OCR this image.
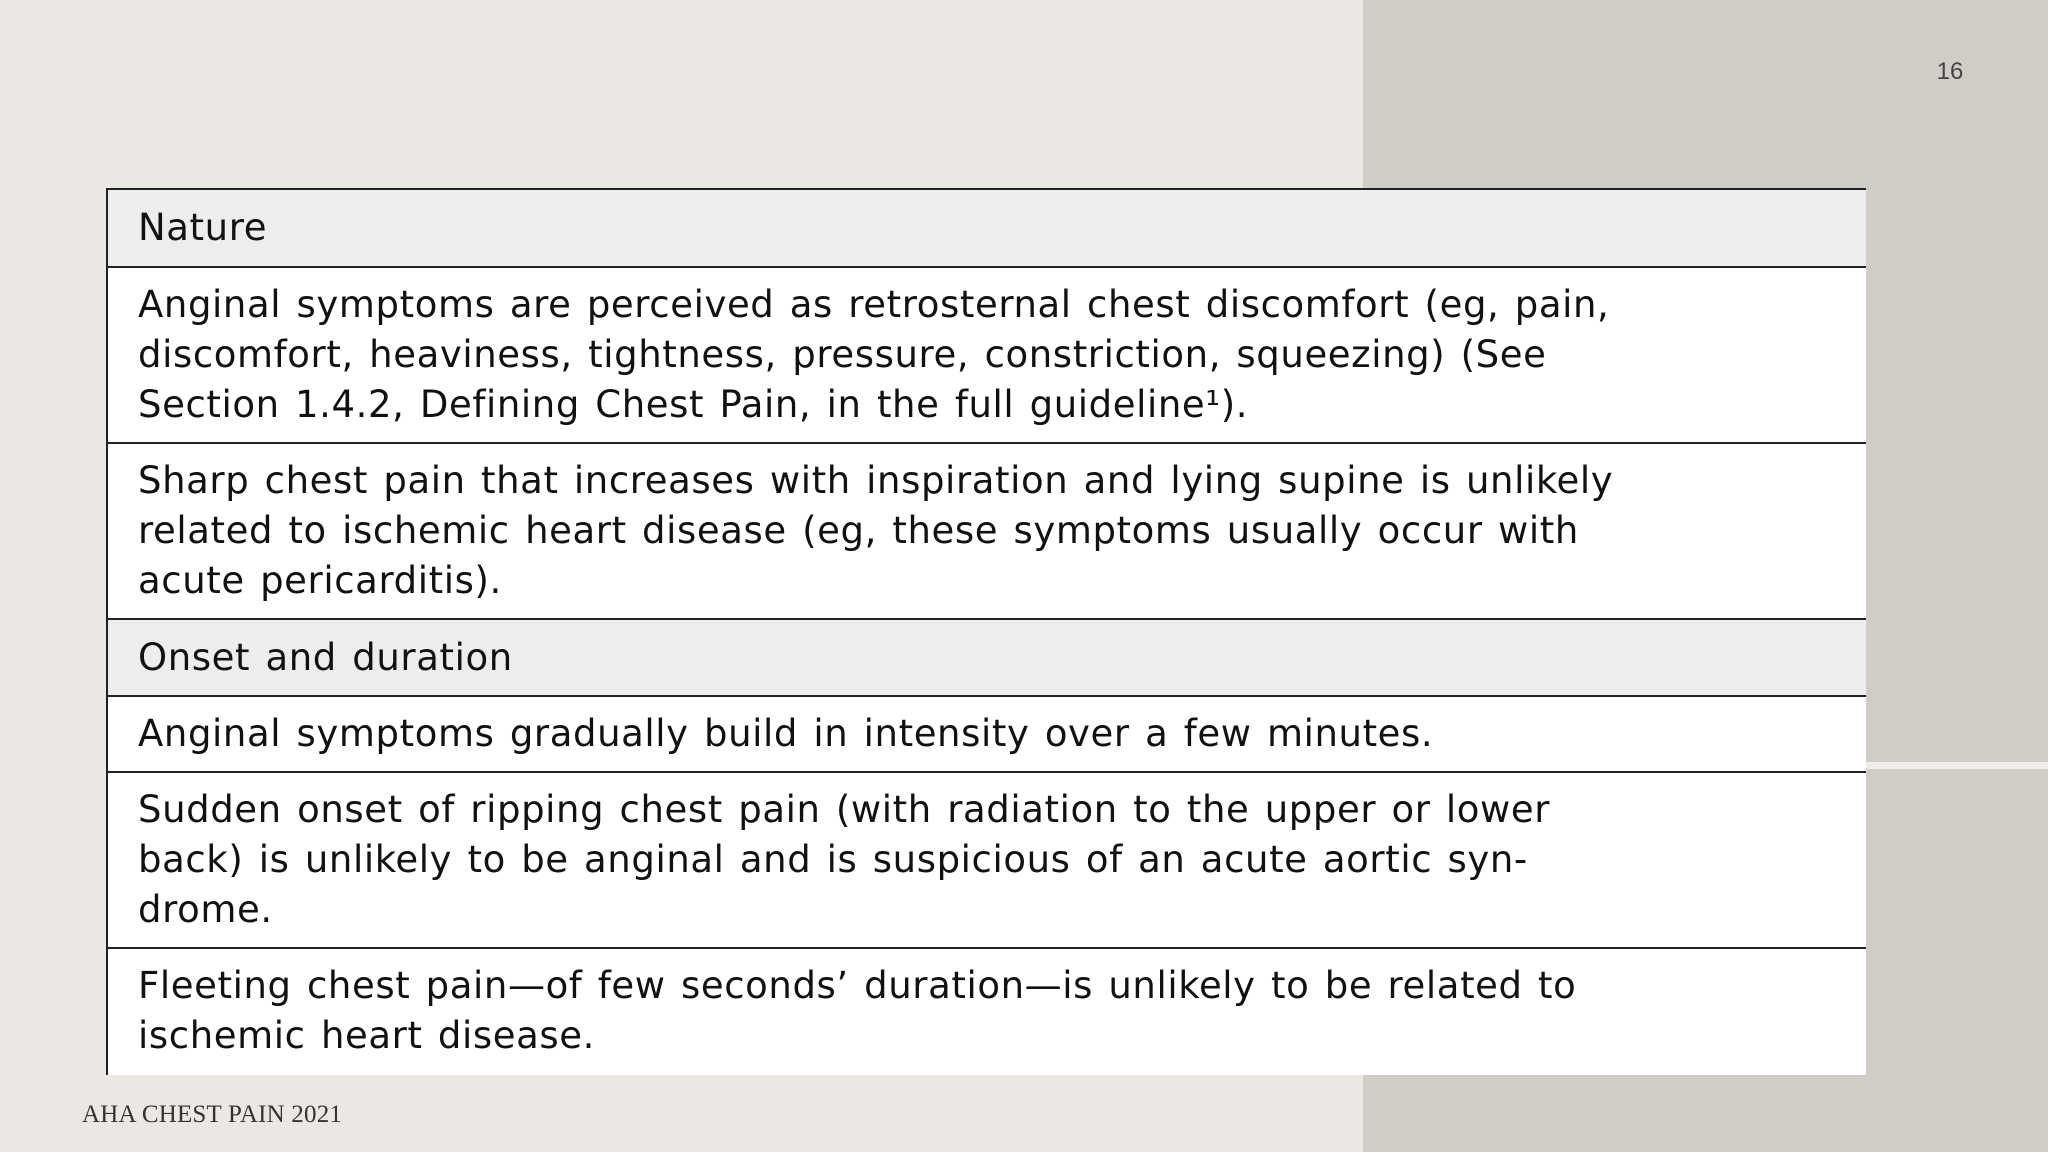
16
Nature
Anginal symptoms are perceived as retrosternal chest discomfort (eg, pain,
discomfort, heaviness, tightness, pressure, constriction, squeezing) (See
Section 1.4.2, Defining Chest Pain, in the full guideline¹).
Sharp chest pain that increases with inspiration and lying supine is unlikely
related to ischemic heart disease (eg, these symptoms usually occur with
acute pericarditis).
Onset and duration
Anginal symptoms gradually build in intensity over a few minutes.
Sudden onset of ripping chest pain (with radiation to the upper or lower
back) is unlikely to be anginal and is suspicious of an acute aortic syn-
drome.
Fleeting chest pain—of few seconds’ duration—is unlikely to be related to
ischemic heart disease.
AHA CHEST PAIN 2021
